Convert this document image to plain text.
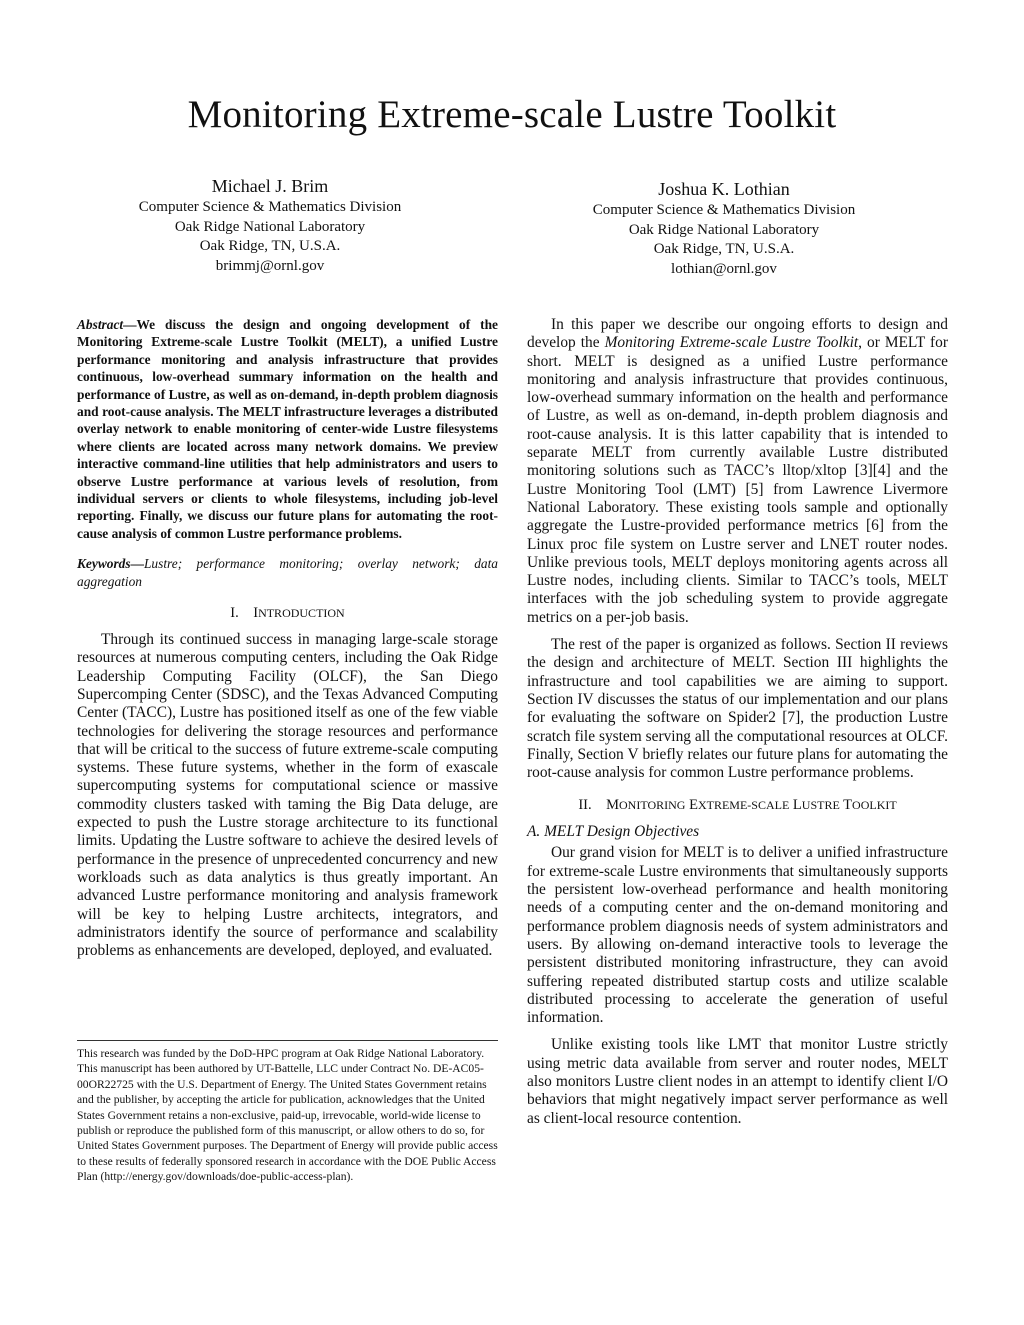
Monitoring Extreme-scale Lustre Toolkit
Michael J. Brim
Computer Science & Mathematics Division
Oak Ridge National Laboratory
Oak Ridge, TN, U.S.A.
brimmj@ornl.gov
Joshua K. Lothian
Computer Science & Mathematics Division
Oak Ridge National Laboratory
Oak Ridge, TN, U.S.A.
lothian@ornl.gov

Abstract—We discuss the design and ongoing development of the Monitoring Extreme-scale Lustre Toolkit (MELT), a unified Lustre performance monitoring and analysis infrastructure that provides continuous, low-overhead summary information on the health and performance of Lustre, as well as on-demand, in-depth problem diagnosis and root-cause analysis. The MELT infrastructure leverages a distributed overlay network to enable monitoring of center-wide Lustre filesystems where clients are located across many network domains. We preview interactive command-line utilities that help administrators and users to observe Lustre performance at various levels of resolution, from individual servers or clients to whole filesystems, including job-level reporting. Finally, we discuss our future plans for automating the root-cause analysis of common Lustre performance problems.

Keywords—Lustre; performance monitoring; overlay network; data aggregation

I. INTRODUCTION

Through its continued success in managing large-scale storage resources at numerous computing centers, including the Oak Ridge Leadership Computing Facility (OLCF), the San Diego Supercomping Center (SDSC), and the Texas Advanced Computing Center (TACC), Lustre has positioned itself as one of the few viable technologies for delivering the storage resources and performance that will be critical to the success of future extreme-scale computing systems. These future systems, whether in the form of exascale supercomputing systems for computational science or massive commodity clusters tasked with taming the Big Data deluge, are expected to push the Lustre storage architecture to its functional limits. Updating the Lustre software to achieve the desired levels of performance in the presence of unprecedented concurrency and new workloads such as data analytics is thus greatly important. An advanced Lustre performance monitoring and analysis framework will be key to helping Lustre architects, integrators, and administrators identify the source of performance and scalability problems as enhancements are developed, deployed, and evaluated.

This research was funded by the DoD-HPC program at Oak Ridge National Laboratory. This manuscript has been authored by UT-Battelle, LLC under Contract No. DE-AC05-00OR22725 with the U.S. Department of Energy. The United States Government retains and the publisher, by accepting the article for publication, acknowledges that the United States Government retains a non-exclusive, paid-up, irrevocable, world-wide license to publish or reproduce the published form of this manuscript, or allow others to do so, for United States Government purposes. The Department of Energy will provide public access to these results of federally sponsored research in accordance with the DOE Public Access Plan (http://energy.gov/downloads/doe-public-access-plan).

In this paper we describe our ongoing efforts to design and develop the Monitoring Extreme-scale Lustre Toolkit, or MELT for short. MELT is designed as a unified Lustre performance monitoring and analysis infrastructure that provides continuous, low-overhead summary information on the health and performance of Lustre, as well as on-demand, in-depth problem diagnosis and root-cause analysis. It is this latter capability that is intended to separate MELT from currently available Lustre distributed monitoring solutions such as TACC’s lltop/xltop [3][4] and the Lustre Monitoring Tool (LMT) [5] from Lawrence Livermore National Laboratory. These existing tools sample and optionally aggregate the Lustre-provided performance metrics [6] from the Linux proc file system on Lustre server and LNET router nodes. Unlike previous tools, MELT deploys monitoring agents across all Lustre nodes, including clients. Similar to TACC’s tools, MELT interfaces with the job scheduling system to provide aggregate metrics on a per-job basis.

The rest of the paper is organized as follows. Section II reviews the design and architecture of MELT. Section III highlights the infrastructure and tool capabilities we are aiming to support. Section IV discusses the status of our implementation and our plans for evaluating the software on Spider2 [7], the production Lustre scratch file system serving all the computational resources at OLCF. Finally, Section V briefly relates our future plans for automating the root-cause analysis for common Lustre performance problems.

II. MONITORING EXTREME-SCALE LUSTRE TOOLKIT
A. MELT Design Objectives

Our grand vision for MELT is to deliver a unified infrastructure for extreme-scale Lustre environments that simultaneously supports the persistent low-overhead performance and health monitoring needs of a computing center and the on-demand monitoring and performance problem diagnosis needs of system administrators and users. By allowing on-demand interactive tools to leverage the persistent distributed monitoring infrastructure, they can avoid suffering repeated distributed startup costs and utilize scalable distributed processing to accelerate the generation of useful information.

Unlike existing tools like LMT that monitor Lustre strictly using metric data available from server and router nodes, MELT also monitors Lustre client nodes in an attempt to identify client I/O behaviors that might negatively impact server performance as well as client-local resource contention.
